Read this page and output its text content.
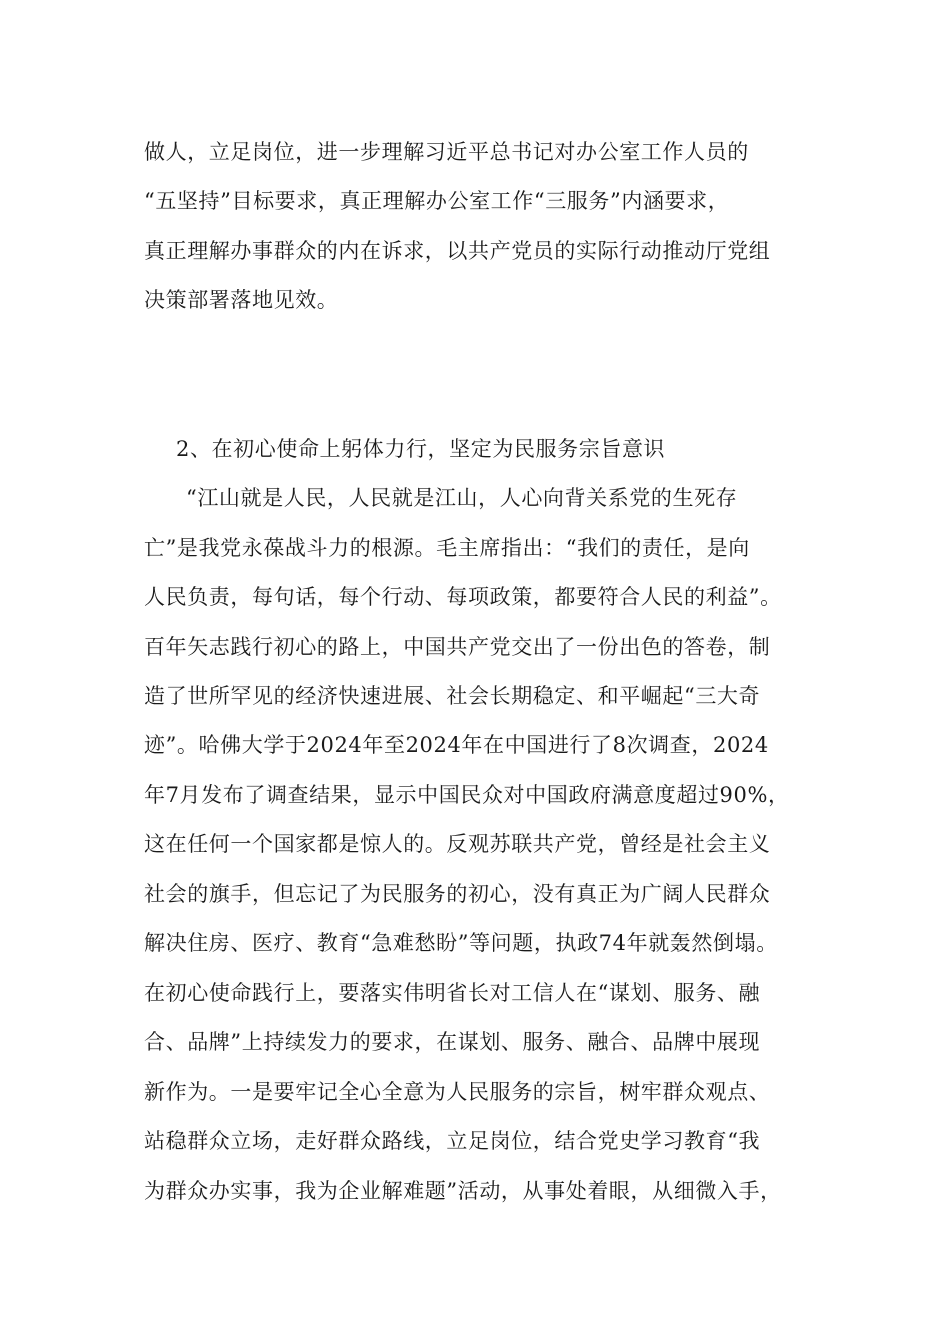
做人，立足岗位，进一步理解习近平总书记对办公室工作人员的
“五坚持”目标要求，真正理解办公室工作“三服务”内涵要求，
真正理解办事群众的内在诉求，以共产党员的实际行动推动厅党组
决策部署落地见效。
2、在初心使命上躬体力行，坚定为民服务宗旨意识
“江山就是人民，人民就是江山，人心向背关系党的生死存
亡”是我党永葆战斗力的根源。毛主席指出：“我们的责任，是向
人民负责，每句话，每个行动、每项政策，都要符合人民的利益”。
百年矢志践行初心的路上，中国共产党交出了一份出色的答卷，制
造了世所罕见的经济快速进展、社会长期稳定、和平崛起“三大奇
迹”。哈佛大学于2024年至2024年在中国进行了8次调查，2024
年7月发布了调查结果，显示中国民众对中国政府满意度超过90%，
这在任何一个国家都是惊人的。反观苏联共产党，曾经是社会主义
社会的旗手，但忘记了为民服务的初心，没有真正为广阔人民群众
解决住房、医疗、教育“急难愁盼”等问题，执政74年就轰然倒塌。
在初心使命践行上，要落实伟明省长对工信人在“谋划、服务、融
合、品牌”上持续发力的要求，在谋划、服务、融合、品牌中展现
新作为。一是要牢记全心全意为人民服务的宗旨，树牢群众观点、
站稳群众立场，走好群众路线，立足岗位，结合党史学习教育“我
为群众办实事，我为企业解难题”活动，从事处着眼，从细微入手，
